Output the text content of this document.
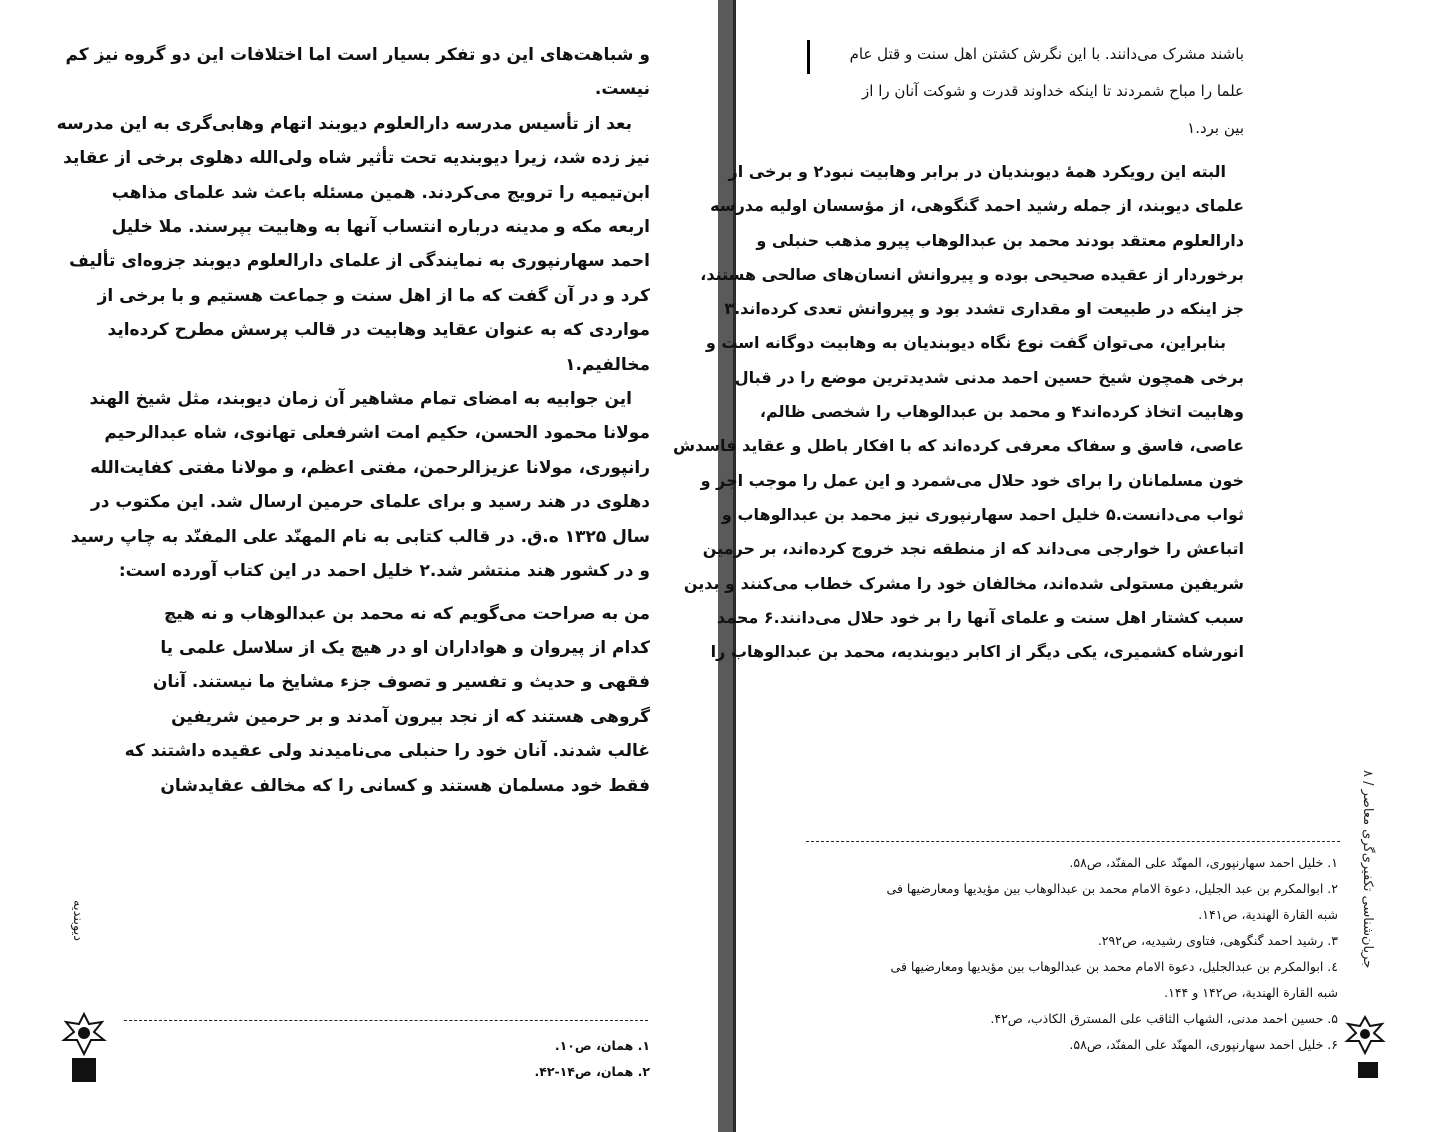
و شباهت‌های این دو تفکر بسیار است اما اختلافات این دو گروه نیز کم
نیست.
بعد از تأسیس مدرسه دارالعلوم دیوبند اتهام وهابی‌گری به این مدرسه
نیز زده شد، زیرا دیوبندیه تحت تأثیر شاه ولی‌الله دهلوی برخی از عقاید
ابن‌تیمیه را ترویج می‌کردند. همین مسئله باعث شد علمای مذاهب
اربعه مکه و مدینه درباره انتساب آنها به وهابیت بپرسند. ملا خلیل
احمد سهارنپوری به نمایندگی از علمای دارالعلوم دیوبند جزوه‌ای تألیف
کرد و در آن گفت که ما از اهل سنت و جماعت هستیم و با برخی از
مواردی که به عنوان عقاید وهابیت در قالب پرسش مطرح کرده‌اید
مخالفیم.۱
این جوابیه به امضای تمام مشاهیر آن زمان دیوبند، مثل شیخ الهند
مولانا محمود الحسن، حکیم امت اشرفعلی تهانوی، شاه عبدالرحیم
رانپوری، مولانا عزیزالرحمن، مفتی اعظم، و مولانا مفتی کفایت‌الله
دهلوی در هند رسید و برای علمای حرمین ارسال شد. این مکتوب در
سال ۱۳۲۵ ه.ق. در قالب کتابی به نام المهنّد علی المفنّد به چاپ رسید
و در کشور هند منتشر شد.۲ خلیل احمد در این کتاب آورده است:
من به صراحت می‌گویم که نه محمد بن عبدالوهاب و نه هیچ
کدام از پیروان و هواداران او در هیچ یک از سلاسل علمی یا
فقهی و حدیث و تفسیر و تصوف جزء مشایخ ما نیستند. آنان
گروهی هستند که از نجد بیرون آمدند و بر حرمین شریفین
غالب شدند. آنان خود را حنبلی می‌نامیدند ولی عقیده داشتند که
فقط خود مسلمان هستند و کسانی را که مخالف عقایدشان
۱. همان، ص۱۰.
۲. همان، ص۱۴-۴۲.
دیوبندیه
باشند مشرک می‌دانند. با این نگرش کشتن اهل سنت و قتل عام
علما را مباح شمردند تا اینکه خداوند قدرت و شوکت آنان را از
بین برد.۱
البته این رویکرد همهٔ دیوبندیان در برابر وهابیت نبود۲ و برخی از
علمای دیوبند، از جمله رشید احمد گنگوهی، از مؤسسان اولیه مدرسه
دارالعلوم معتقد بودند محمد بن عبدالوهاب پیرو مذهب حنبلی و
برخوردار از عقیده صحیحی بوده و پیروانش انسان‌های صالحی هستند،
جز اینکه در طبیعت او مقداری تشدد بود و پیروانش تعدی کرده‌اند.۳
بنابراین، می‌توان گفت نوع نگاه دیوبندیان به وهابیت دوگانه است و
برخی همچون شیخ حسین احمد مدنی شدیدترین موضع را در قبال
وهابیت اتخاذ کرده‌اند۴ و محمد بن عبدالوهاب را شخصی ظالم،
عاصی، فاسق و سفاک معرفی کرده‌اند که با افکار باطل و عقاید فاسدش
خون مسلمانان را برای خود حلال می‌شمرد و این عمل را موجب اجر و
ثواب می‌دانست.۵ خلیل احمد سهارنپوری نیز محمد بن عبدالوهاب و
اتباعش را خوارجی می‌داند که از منطقه نجد خروج کرده‌اند، بر حرمین
شریفین مستولی شده‌اند، مخالفان خود را مشرک خطاب می‌کنند و بدین
سبب کشتار اهل سنت و علمای آنها را بر خود حلال می‌دانند.۶ محمد
انورشاه کشمیری، یکی دیگر از اکابر دیوبندیه، محمد بن عبدالوهاب را
۱. خلیل احمد سهارنپوری، المهنّد علی المفنّد، ص۵۸.
۲. ابوالمکرم بن عبد الجلیل، دعوة الامام محمد بن عبدالوهاب بین مؤیدیها ومعارضیها فی
شبه القارة الهندیة، ص۱۴۱.
۳. رشید احمد گنگوهی، فتاوی رشیدیه، ص۲۹۲.
٤. ابوالمکرم بن عبدالجلیل، دعوة الامام محمد بن عبدالوهاب بین مؤیدیها ومعارضیها فی
شبه القارة الهندیة، ص۱۴۲ و ۱۴۴.
۵. حسین احمد مدنی، الشهاب الثاقب علی المسترق الکاذب، ص۴۲.
۶. خلیل احمد سهارنپوری، المهنّد علی المفنّد، ص۵۸.
جریان‌شناسی تکفیری‌گری معاصر / ۸
